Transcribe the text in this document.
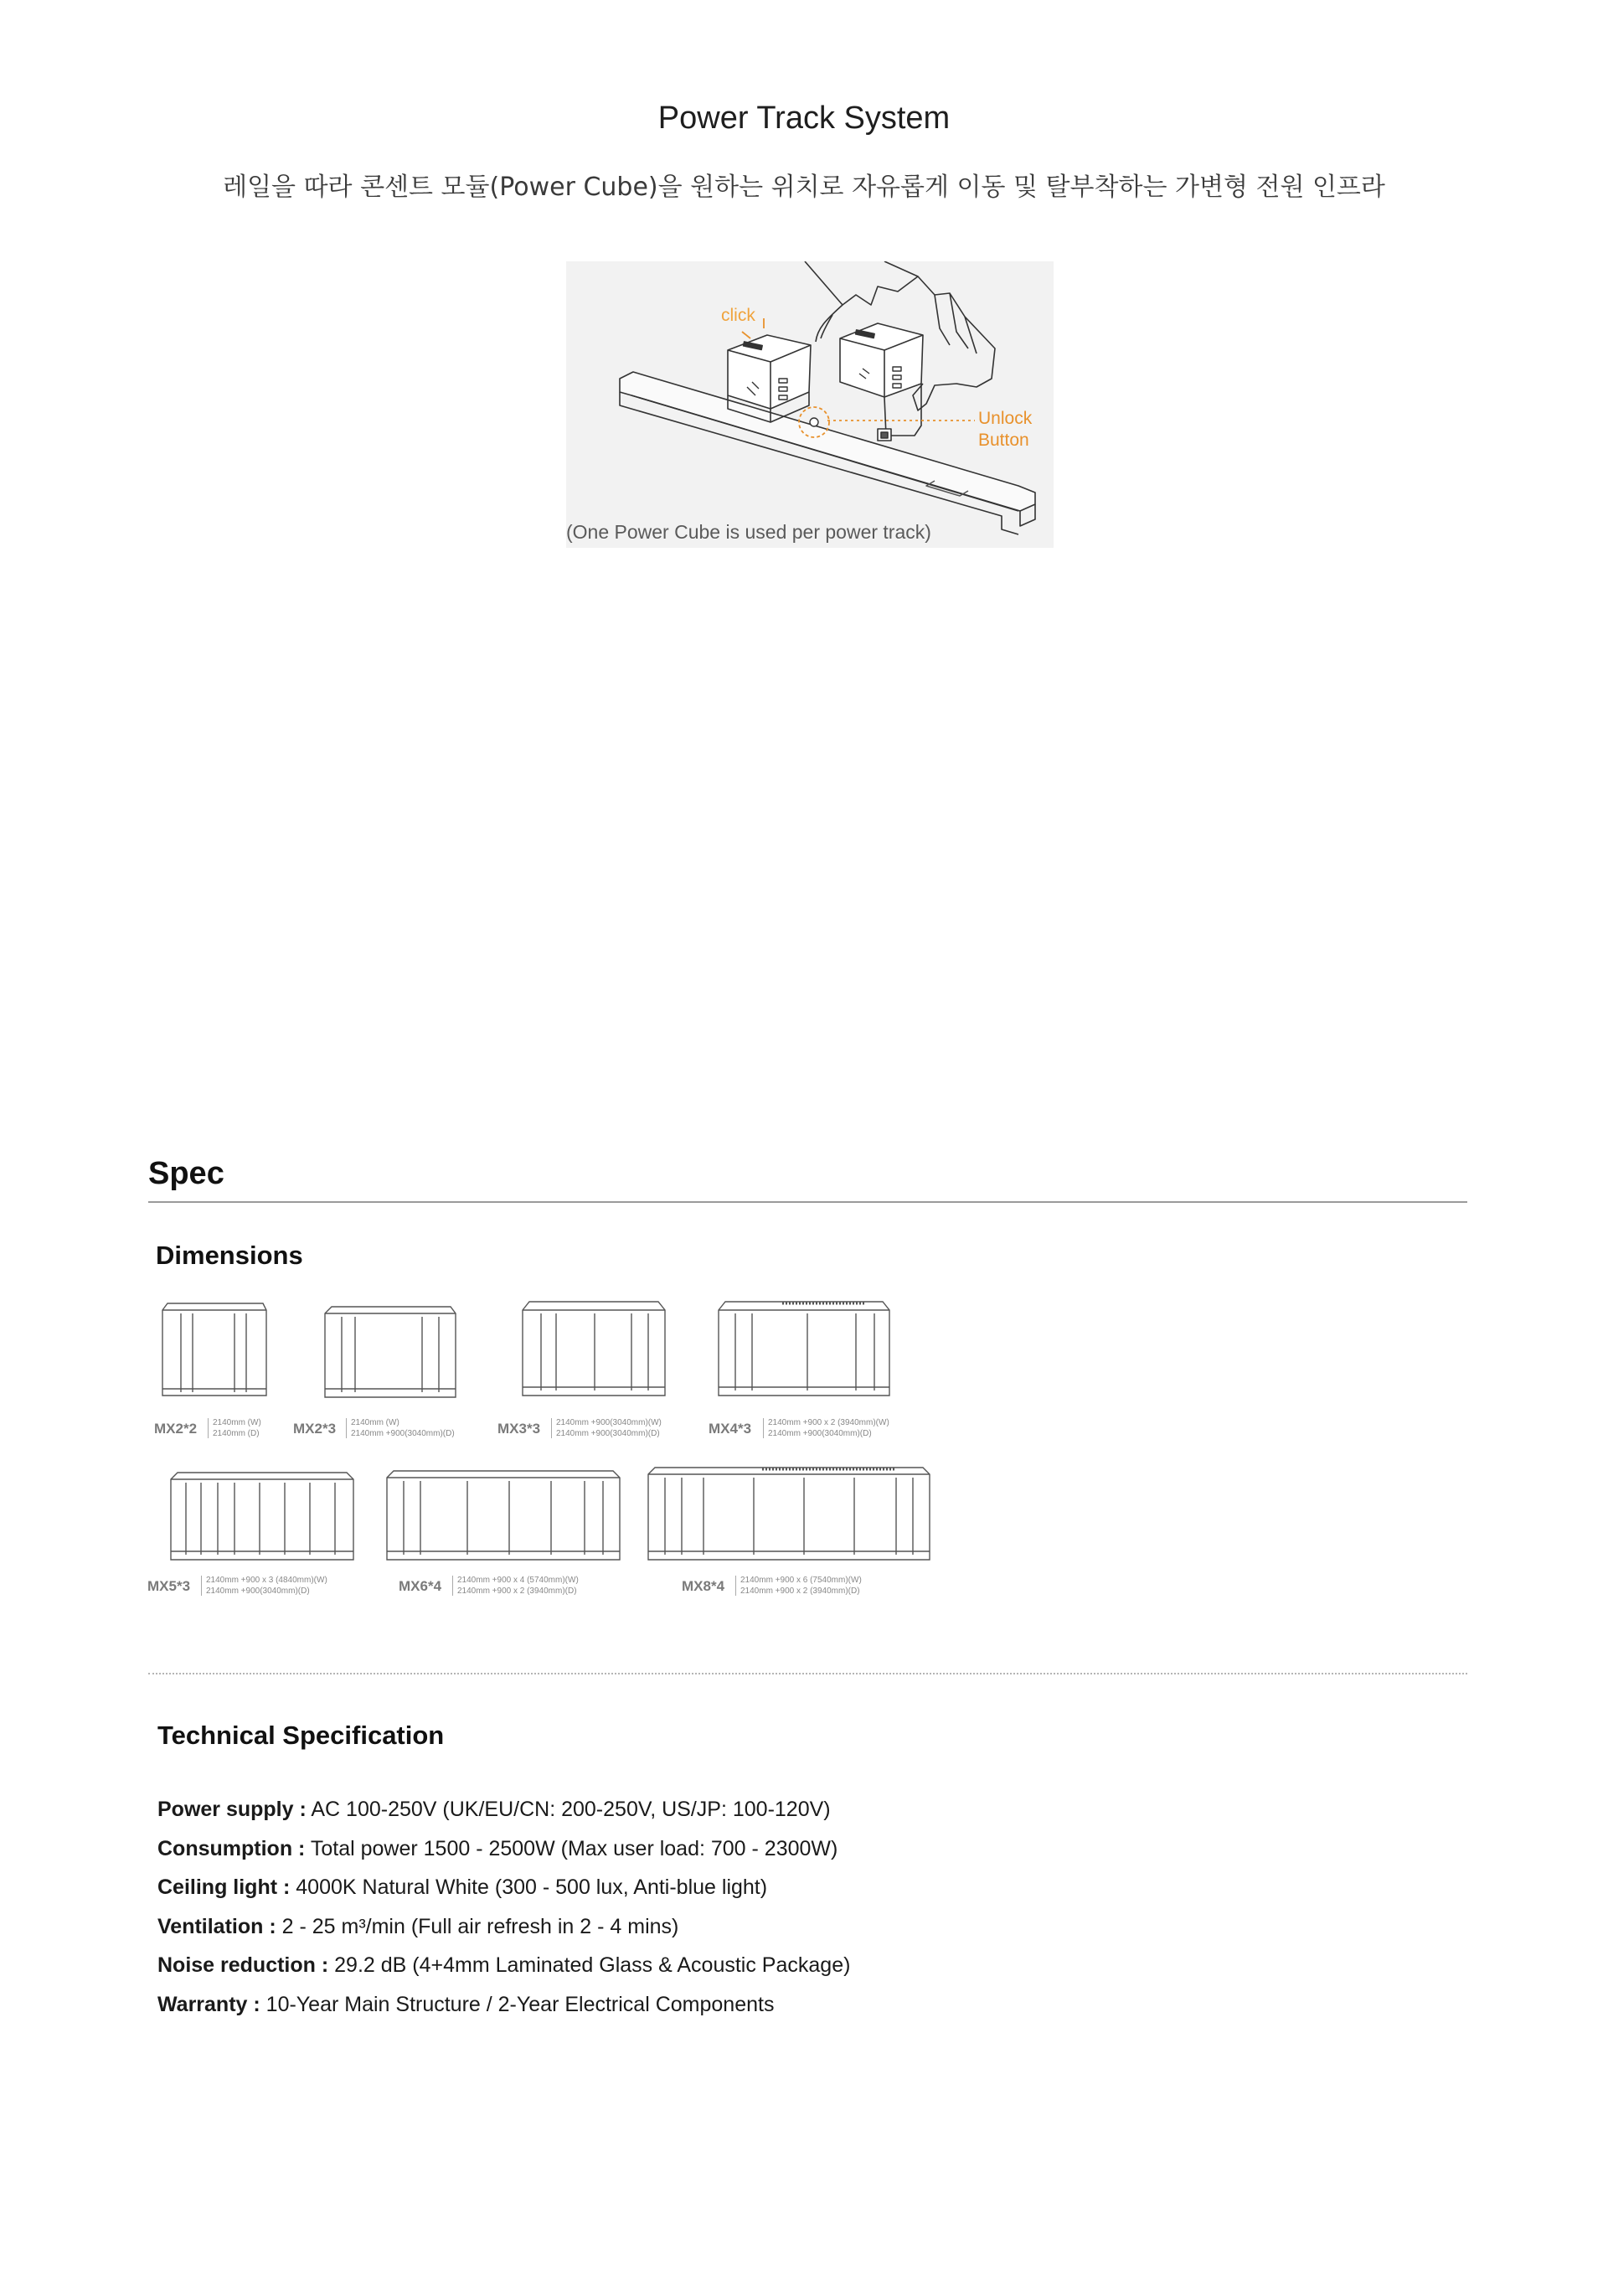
Power Track System
레일을 따라 콘센트 모듈(Power Cube)을 원하는 위치로 자유롭게 이동 및 탈부착하는 가변형 전원 인프라
click
Unlock
Button
(One Power Cube is used per power track)
Spec
Dimensions
MX2*2 2140mm (W)
2140mm (D) MX2*3 2140mm (W)
2140mm +900(3040mm)(D)	MX3*3 2140mm +900(3040mm)(W)
2140mm +900(3040mm)(D)	MX4*3 2140mm +900 x 2 (3940mm)(W)
2140mm +900(3040mm)(D)
MX5*3 2140mm +900 x 3 (4840mm)(W)
2140mm +900(3040mm)(D)	MX6*4 2140mm +900 x 4 (5740mm)(W)
2140mm +900 x 2 (3940mm)(D)	MX8*4 2140mm +900 x 6 (7540mm)(W)
2140mm +900 x 2 (3940mm)(D)
Technical Specification
Power supply : AC 100-250V (UK/EU/CN: 200-250V, US/JP: 100-120V)
Consumption : Total power 1500 - 2500W (Max user load: 700 - 2300W)
Ceiling light : 4000K Natural White (300 - 500 lux, Anti-blue light)
Ventilation : 2 - 25 m³/min (Full air refresh in 2 - 4 mins)
Noise reduction : 29.2 dB (4+4mm Laminated Glass & Acoustic Package)
Warranty : 10-Year Main Structure / 2-Year Electrical Components
